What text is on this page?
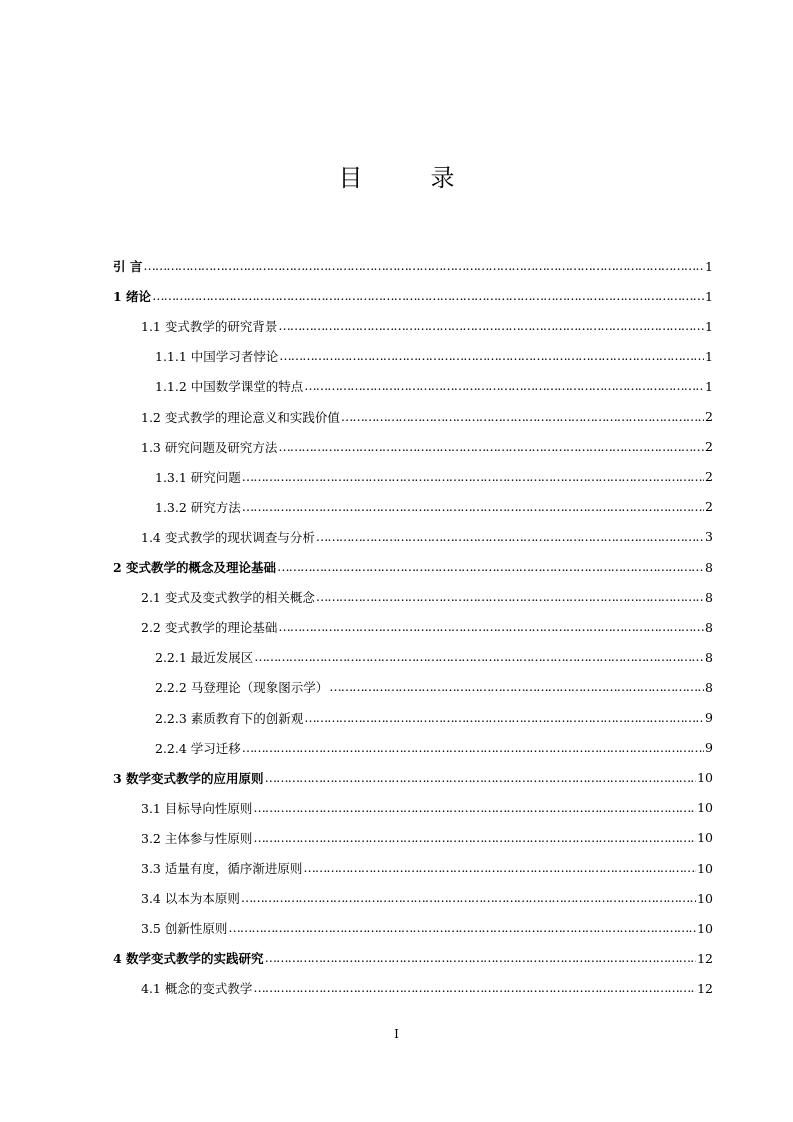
目　录
引 言 ……………………………………………………………………………………………………………………………………………………………………………………………………	1
1 绪论 ……………………………………………………………………………………………………………………………………………………………………………………………………	1
1.1 变式教学的研究背景 ……………………………………………………………………………………………………………………………………………………………………………………………………	1
1.1.1 中国学习者悖论 ……………………………………………………………………………………………………………………………………………………………………………………………………	1
1.1.2 中国数学课堂的特点 ……………………………………………………………………………………………………………………………………………………………………………………………………	1
1.2 变式教学的理论意义和实践价值 ……………………………………………………………………………………………………………………………………………………………………………………………………	2
1.3 研究问题及研究方法 ……………………………………………………………………………………………………………………………………………………………………………………………………	2
1.3.1 研究问题 ……………………………………………………………………………………………………………………………………………………………………………………………………	2
1.3.2 研究方法 ……………………………………………………………………………………………………………………………………………………………………………………………………	2
1.4 变式教学的现状调查与分析 ……………………………………………………………………………………………………………………………………………………………………………………………………	3
2 变式教学的概念及理论基础 ……………………………………………………………………………………………………………………………………………………………………………………………………	8
2.1 变式及变式教学的相关概念 ……………………………………………………………………………………………………………………………………………………………………………………………………	8
2.2 变式教学的理论基础 ……………………………………………………………………………………………………………………………………………………………………………………………………	8
2.2.1 最近发展区 ……………………………………………………………………………………………………………………………………………………………………………………………………	8
2.2.2 马登理论（现象图示学） ……………………………………………………………………………………………………………………………………………………………………………………………………	8
2.2.3 素质教育下的创新观 ……………………………………………………………………………………………………………………………………………………………………………………………………	9
2.2.4 学习迁移 ……………………………………………………………………………………………………………………………………………………………………………………………………	9
3 数学变式教学的应用原则 ……………………………………………………………………………………………………………………………………………………………………………………………………	10
3.1 目标导向性原则 ……………………………………………………………………………………………………………………………………………………………………………………………………	10
3.2 主体参与性原则 ……………………………………………………………………………………………………………………………………………………………………………………………………	10
3.3 适量有度，循序渐进原则 ……………………………………………………………………………………………………………………………………………………………………………………………………	10
3.4 以本为本原则 ……………………………………………………………………………………………………………………………………………………………………………………………………	10
3.5 创新性原则 ……………………………………………………………………………………………………………………………………………………………………………………………………	10
4 数学变式教学的实践研究 ……………………………………………………………………………………………………………………………………………………………………………………………………	12
4.1 概念的变式教学 ……………………………………………………………………………………………………………………………………………………………………………………………………	12
I
